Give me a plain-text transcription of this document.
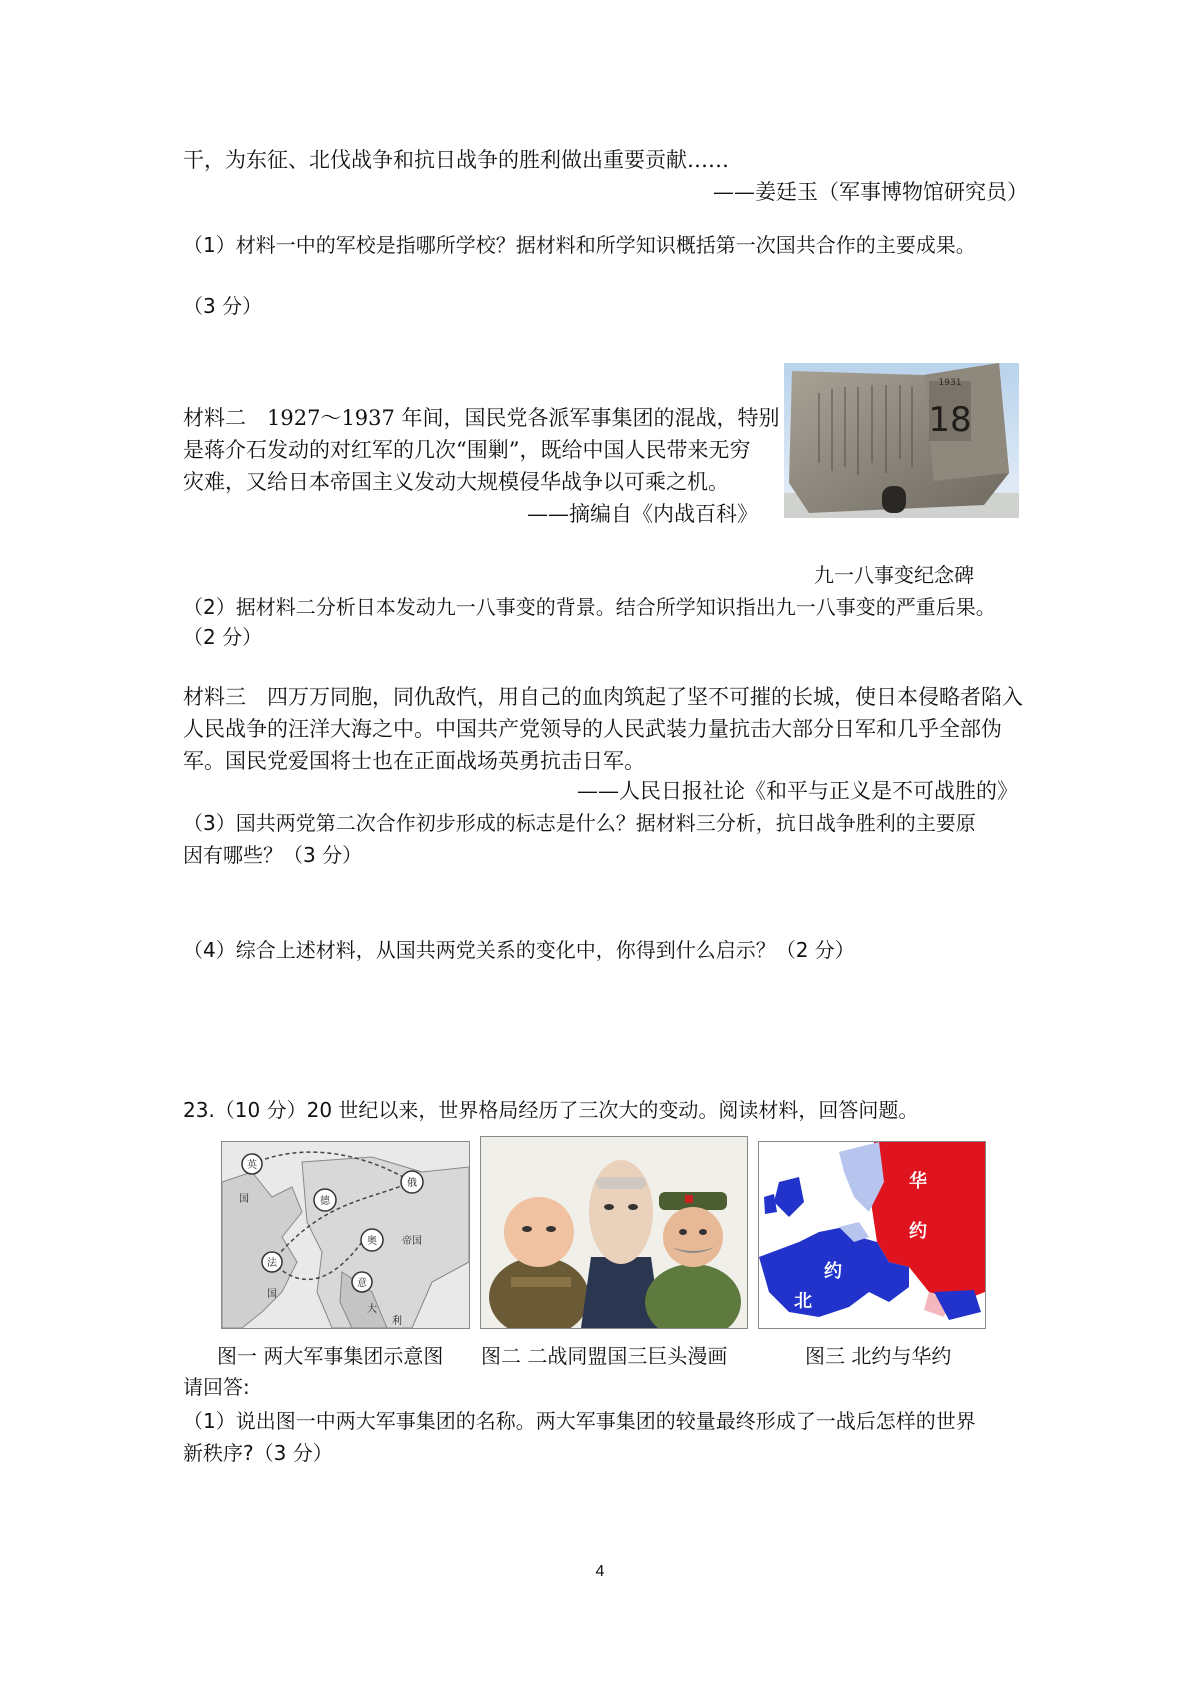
干，为东征、北伐战争和抗日战争的胜利做出重要贡献……
——姜廷玉（军事博物馆研究员）
（1）材料一中的军校是指哪所学校？据材料和所学知识概括第一次国共合作的主要成果。
（3 分）
材料二　1927～1937 年间，国民党各派军事集团的混战，特别
是蒋介石发动的对红军的几次“围剿”，既给中国人民带来无穷
灾难，又给日本帝国主义发动大规模侵华战争以可乘之机。
——摘编自《内战百科》
1931
18
九一八事变纪念碑
（2）据材料二分析日本发动九一八事变的背景。结合所学知识指出九一八事变的严重后果。
（2 分）
材料三　四万万同胞，同仇敌忾，用自己的血肉筑起了坚不可摧的长城，使日本侵略者陷入
人民战争的汪洋大海之中。中国共产党领导的人民武装力量抗击大部分日军和几乎全部伪
军。国民党爱国将士也在正面战场英勇抗击日军。
——人民日报社论《和平与正义是不可战胜的》
（3）国共两党第二次合作初步形成的标志是什么？据材料三分析，抗日战争胜利的主要原
因有哪些？（3 分）
（4）综合上述材料，从国共两党关系的变化中，你得到什么启示？（2 分）
23.（10 分）20 世纪以来，世界格局经历了三次大的变动。阅读材料，回答问题。
英
国
法
国
德
奥
俄
意
帝国
大
利
华
约
约
北
图一 两大军事集团示意图 图二 二战同盟国三巨头漫画	图三 北约与华约
请回答:
（1）说出图一中两大军事集团的名称。两大军事集团的较量最终形成了一战后怎样的世界
新秩序?（3 分）
4
